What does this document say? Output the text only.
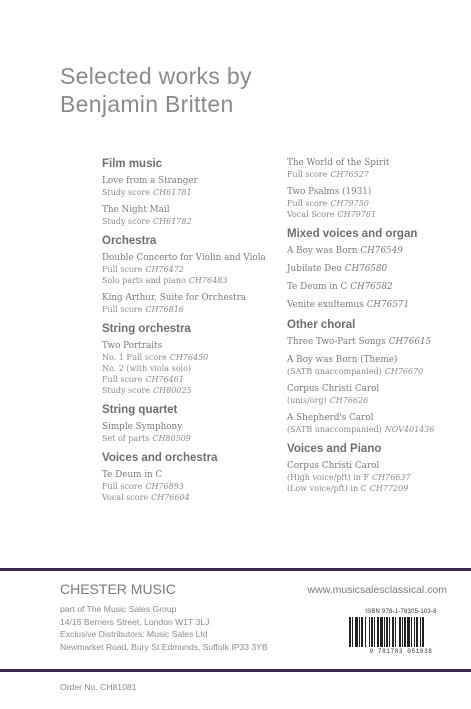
Selected works by
Benjamin Britten
Film music
Love from a Stranger
Study score CH61781
The Night Mail
Study score CH61782
Orchestra
Double Concerto for Violin and Viola
Full score CH76472
Solo parts and piano CH76483
King Arthur, Suite for Orchestra
Full score CH76816
String orchestra
Two Portraits
No. 1 Full score CH76450
No. 2 (with viola solo)
Full score CH76461
Study score CH80025
String quartet
Simple Symphony
Set of parts CH80509
Voices and orchestra
Te Deum in C
Full score CH76893
Vocal score CH76604
The World of the Spirit
Full score CH76527
Two Psalms (1931)
Full score CH79750
Vocal Score CH79761
Mixed voices and organ
A Boy was Born CH76549
Jubilate Deo CH76580
Te Deum in C CH76582
Venite exultemus CH76571
Other choral
Three Two-Part Songs CH76615
A Boy was Born (Theme)
(SATB unaccompanied) CH76670
Corpus Christi Carol
(unis/org) CH76626
A Shepherd's Carol
(SATB unaccompanied) NOV401436
Voices and Piano
Corpus Christi Carol
(High voice/pft) in F CH76637
(Low voice/pft) in C CH77209
CHESTER MUSIC	www.musicsalesclassical.com
part of The Music Sales Group
14/15 Berners Street, London W1T 3LJ
Exclusive Distributors: Music Sales Ltd
Newmarket Road, Bury St Edmunds, Suffolk IP33 3YB
ISBN 978-1-78305-103-8
9 781783 051038
Order No. CH81081
